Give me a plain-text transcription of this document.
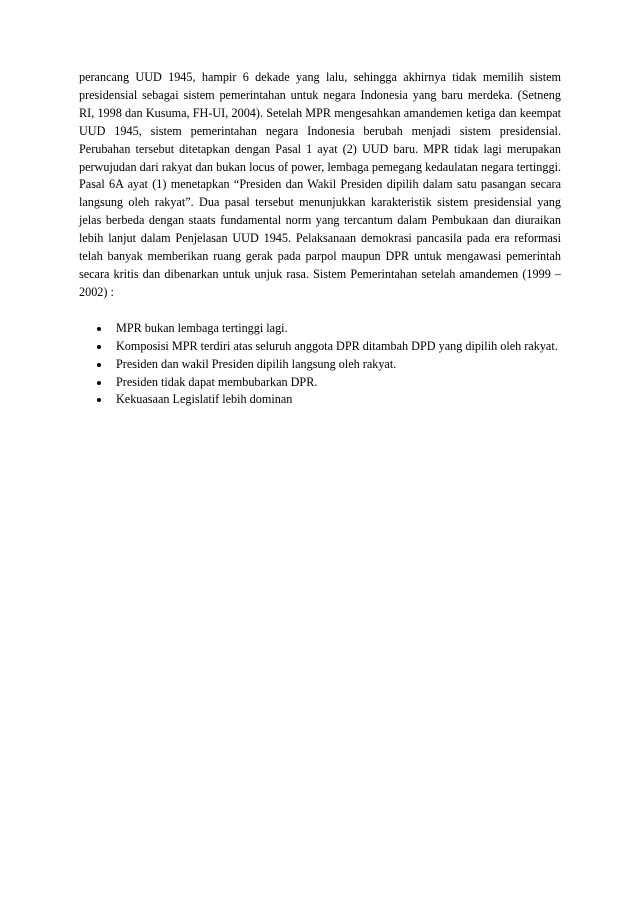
perancang UUD 1945, hampir 6 dekade yang lalu, sehingga akhirnya tidak memilih sistem presidensial sebagai sistem pemerintahan untuk negara Indonesia yang baru merdeka. (Setneng RI, 1998 dan Kusuma, FH-UI, 2004). Setelah MPR mengesahkan amandemen ketiga dan keempat UUD 1945, sistem pemerintahan negara Indonesia berubah menjadi sistem presidensial. Perubahan tersebut ditetapkan dengan Pasal 1 ayat (2) UUD baru. MPR tidak lagi merupakan perwujudan dari rakyat dan bukan locus of power, lembaga pemegang kedaulatan negara tertinggi. Pasal 6A ayat (1) menetapkan “Presiden dan Wakil Presiden dipilih dalam satu pasangan secara langsung oleh rakyat”. Dua pasal tersebut menunjukkan karakteristik sistem presidensial yang jelas berbeda dengan staats fundamental norm yang tercantum dalam Pembukaan dan diuraikan lebih lanjut dalam Penjelasan UUD 1945. Pelaksanaan demokrasi pancasila pada era reformasi telah banyak memberikan ruang gerak pada parpol maupun DPR untuk mengawasi pemerintah secara kritis dan dibenarkan untuk unjuk rasa. Sistem Pemerintahan setelah amandemen (1999 – 2002) :

MPR bukan lembaga tertinggi lagi.
Komposisi MPR terdiri atas seluruh anggota DPR ditambah DPD yang dipilih oleh rakyat.
Presiden dan wakil Presiden dipilih langsung oleh rakyat.
Presiden tidak dapat membubarkan DPR.
Kekuasaan Legislatif lebih dominan
